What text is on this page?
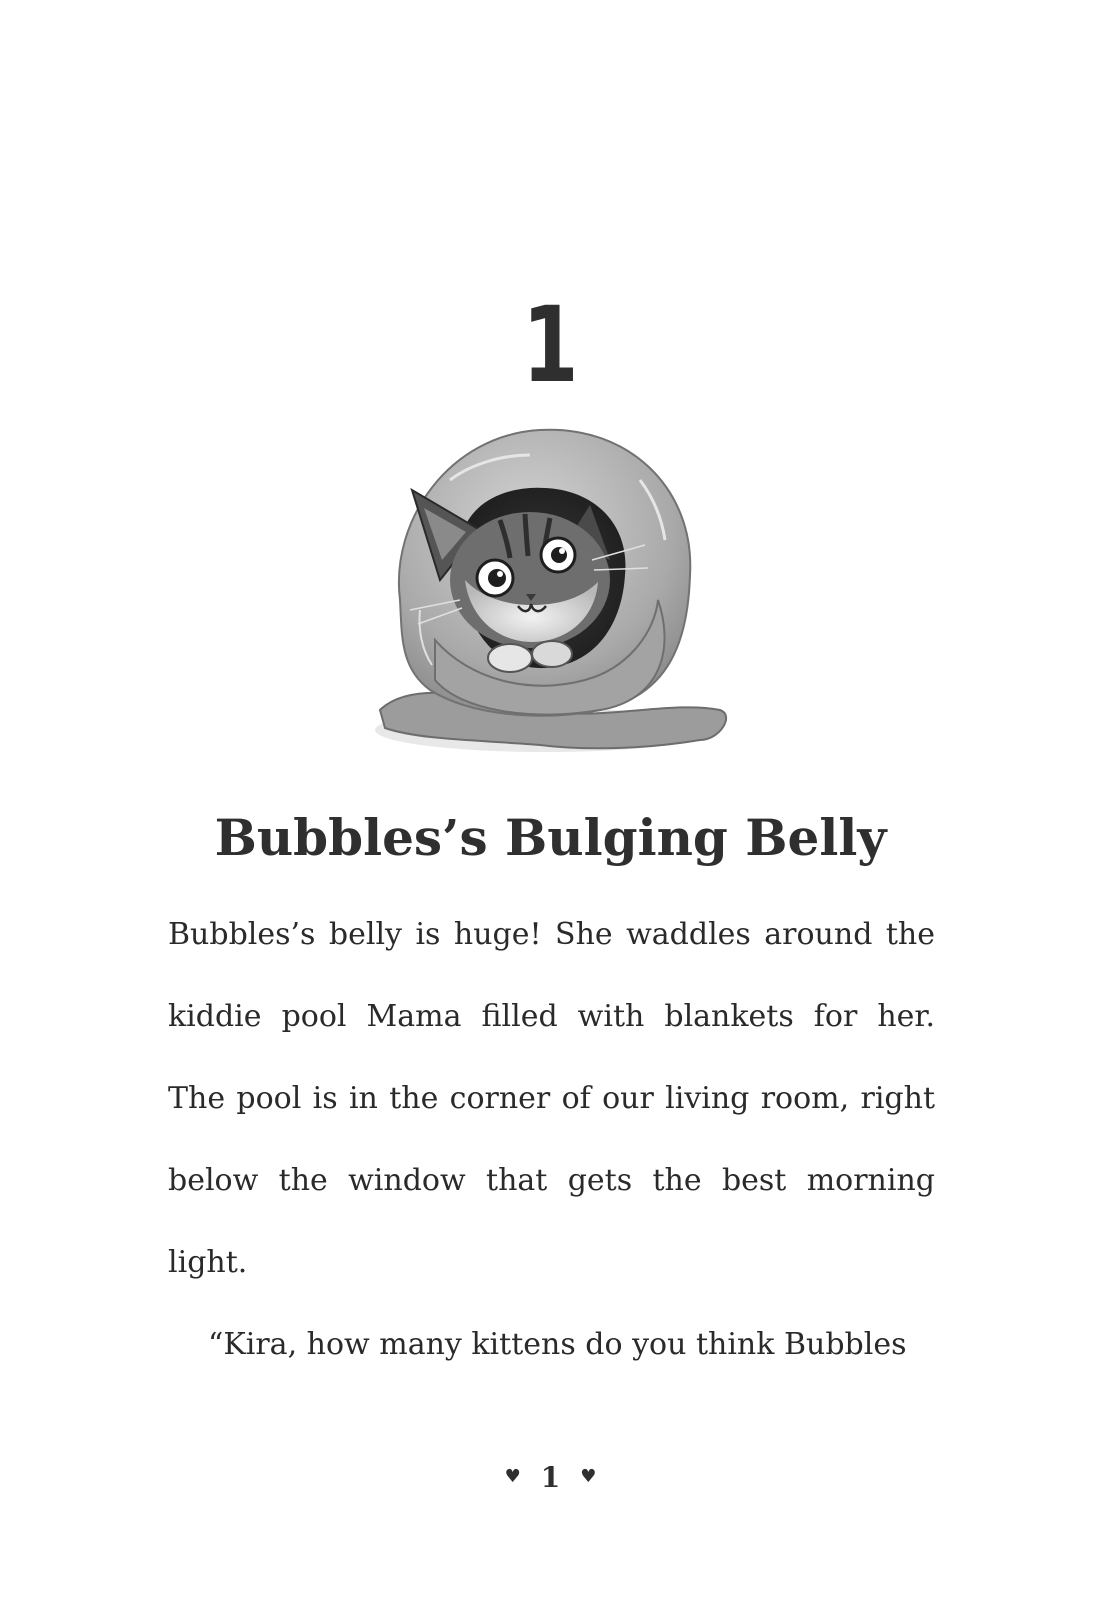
1
Bubbles’s Bulging Belly
Bubbles’s belly is huge! She waddles around the
kiddie pool Mama filled with blankets for her.
The pool is in the corner of our living room, right
below the window that gets the best morning
light.
“Kira, how many kittens do you think Bubbles
♥ 1 ♥
